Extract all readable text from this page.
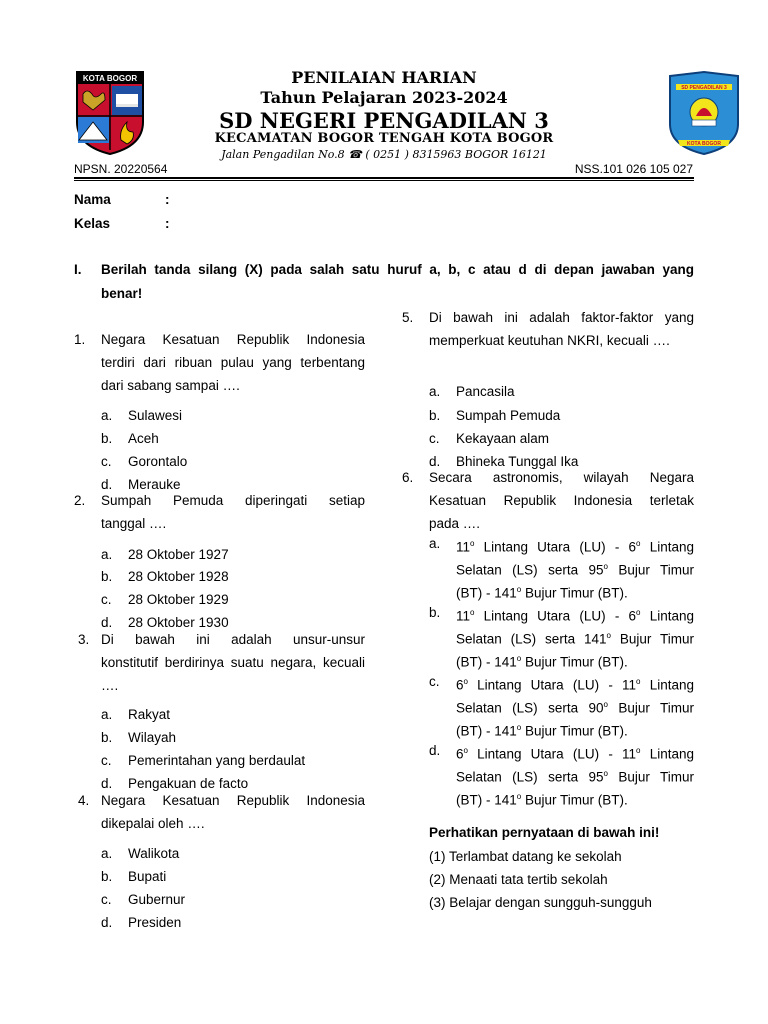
KOTA BOGOR
SD PENGADILAN 3
KOTA BOGOR
PENILAIAN HARIAN
Tahun Pelajaran 2023-2024
SD NEGERI PENGADILAN 3
KECAMATAN BOGOR TENGAH KOTA BOGOR
Jalan Pengadilan No.8 ☎ ( 0251 ) 8315963 BOGOR 16121
NPSN. 20220564	NSS.101 026 105 027
Nama	:
Kelas	:
I. Berilah tanda silang (X) pada salah satu huruf a, b, c atau d di depan jawaban yang
benar!
1. Negara Kesatuan Republik Indonesia
terdiri dari ribuan pulau yang terbentang
dari sabang sampai ….
a. Sulawesi
b. Aceh
c. Gorontalo
d. Merauke
2. Sumpah Pemuda diperingati setiap
tanggal ….
a. 28 Oktober 1927
b. 28 Oktober 1928
c. 28 Oktober 1929
d. 28 Oktober 1930
3. Di bawah ini adalah unsur-unsur
konstitutif berdirinya suatu negara, kecuali
….
a. Rakyat
b. Wilayah
c. Pemerintahan yang berdaulat
d. Pengakuan de facto
4. Negara Kesatuan Republik Indonesia
dikepalai oleh ….
a. Walikota
b. Bupati
c. Gubernur
d. Presiden
5. Di bawah ini adalah faktor-faktor yang
memperkuat keutuhan NKRI, kecuali ….
a. Pancasila
b. Sumpah Pemuda
c. Kekayaan alam
d. Bhineka Tunggal Ika
6. Secara astronomis, wilayah Negara
Kesatuan Republik Indonesia terletak
pada ….
a. 11$^o$ Lintang Utara (LU) - 6$^o$ Lintang
Selatan (LS) serta 95$^o$ Bujur Timur
(BT) - 141$^o$ Bujur Timur (BT).
b. 11$^o$ Lintang Utara (LU) - 6$^o$ Lintang
Selatan (LS) serta 141$^o$ Bujur Timur
(BT) - 141$^o$ Bujur Timur (BT).
c. 6$^o$ Lintang Utara (LU) - 11$^o$ Lintang
Selatan (LS) serta 90$^o$ Bujur Timur
(BT) - 141$^o$ Bujur Timur (BT).
d. 6$^o$ Lintang Utara (LU) - 11$^o$ Lintang
Selatan (LS) serta 95$^o$ Bujur Timur
(BT) - 141$^o$ Bujur Timur (BT).
Perhatikan pernyataan di bawah ini!
(1) Terlambat datang ke sekolah
(2) Menaati tata tertib sekolah
(3) Belajar dengan sungguh-sungguh
